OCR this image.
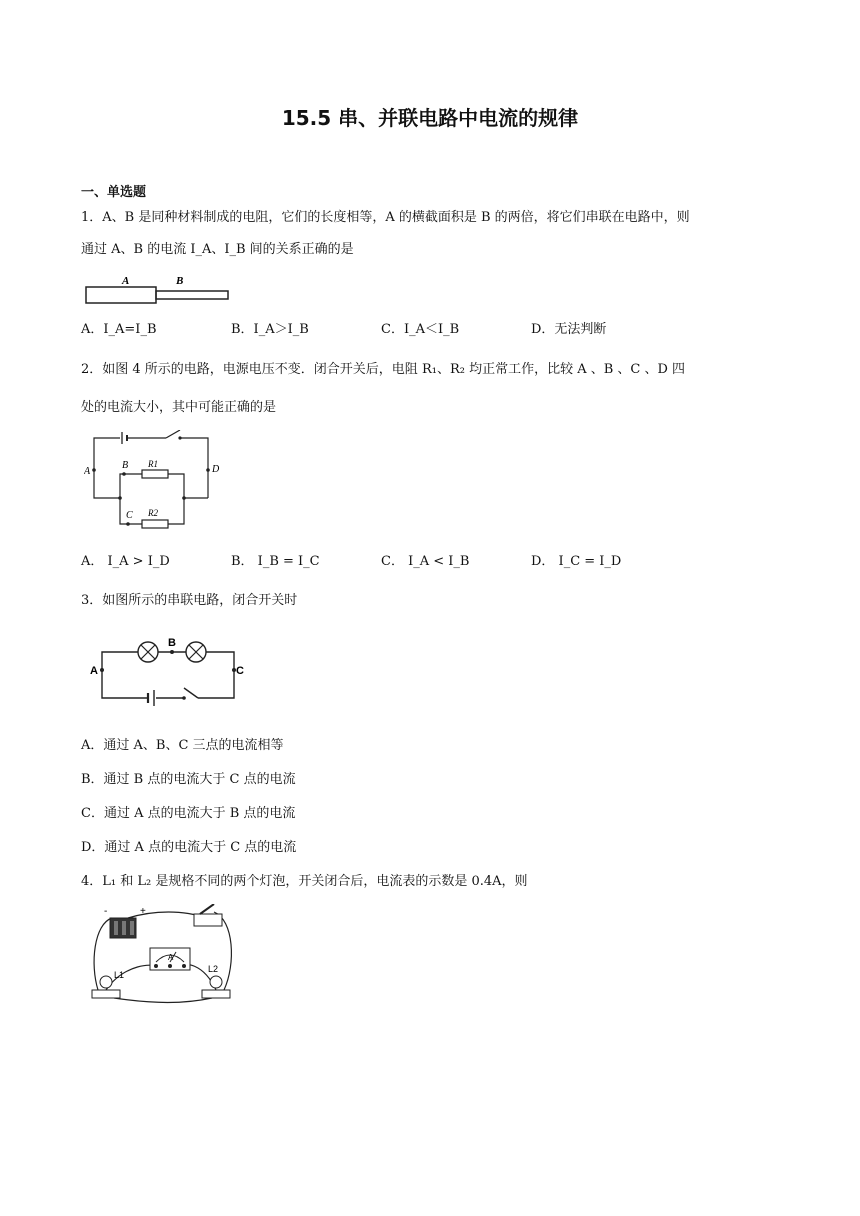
15.5 串、并联电路中电流的规律
一、单选题
1．A、B 是同种材料制成的电阻，它们的长度相等，A 的横截面积是 B 的两倍，将它们串联在电路中，则
通过 A、B 的电流 I_A、I_B 间的关系正确的是
A	B
A．I_A=I_B	B．I_A＞I_B	C．I_A＜I_B	D．无法判断
2．如图 4 所示的电路，电源电压不变．闭合开关后，电阻 R₁、R₂ 均正常工作，比较 A 、B 、C 、D 四
处的电流大小，其中可能正确的是
A
B
C
D
R1
R2
A． I_A > I_D	B． I_B = I_C	C． I_A < I_B	D． I_C = I_D
3．如图所示的串联电路，闭合开关时
A
B
C
A．通过 A、B、C 三点的电流相等
B．通过 B 点的电流大于 C 点的电流
C．通过 A 点的电流大于 B 点的电流
D．通过 A 点的电流大于 C 点的电流
4．L₁ 和 L₂ 是规格不同的两个灯泡，开关闭合后，电流表的示数是 0.4A，则
-	+
A
L1
L2
